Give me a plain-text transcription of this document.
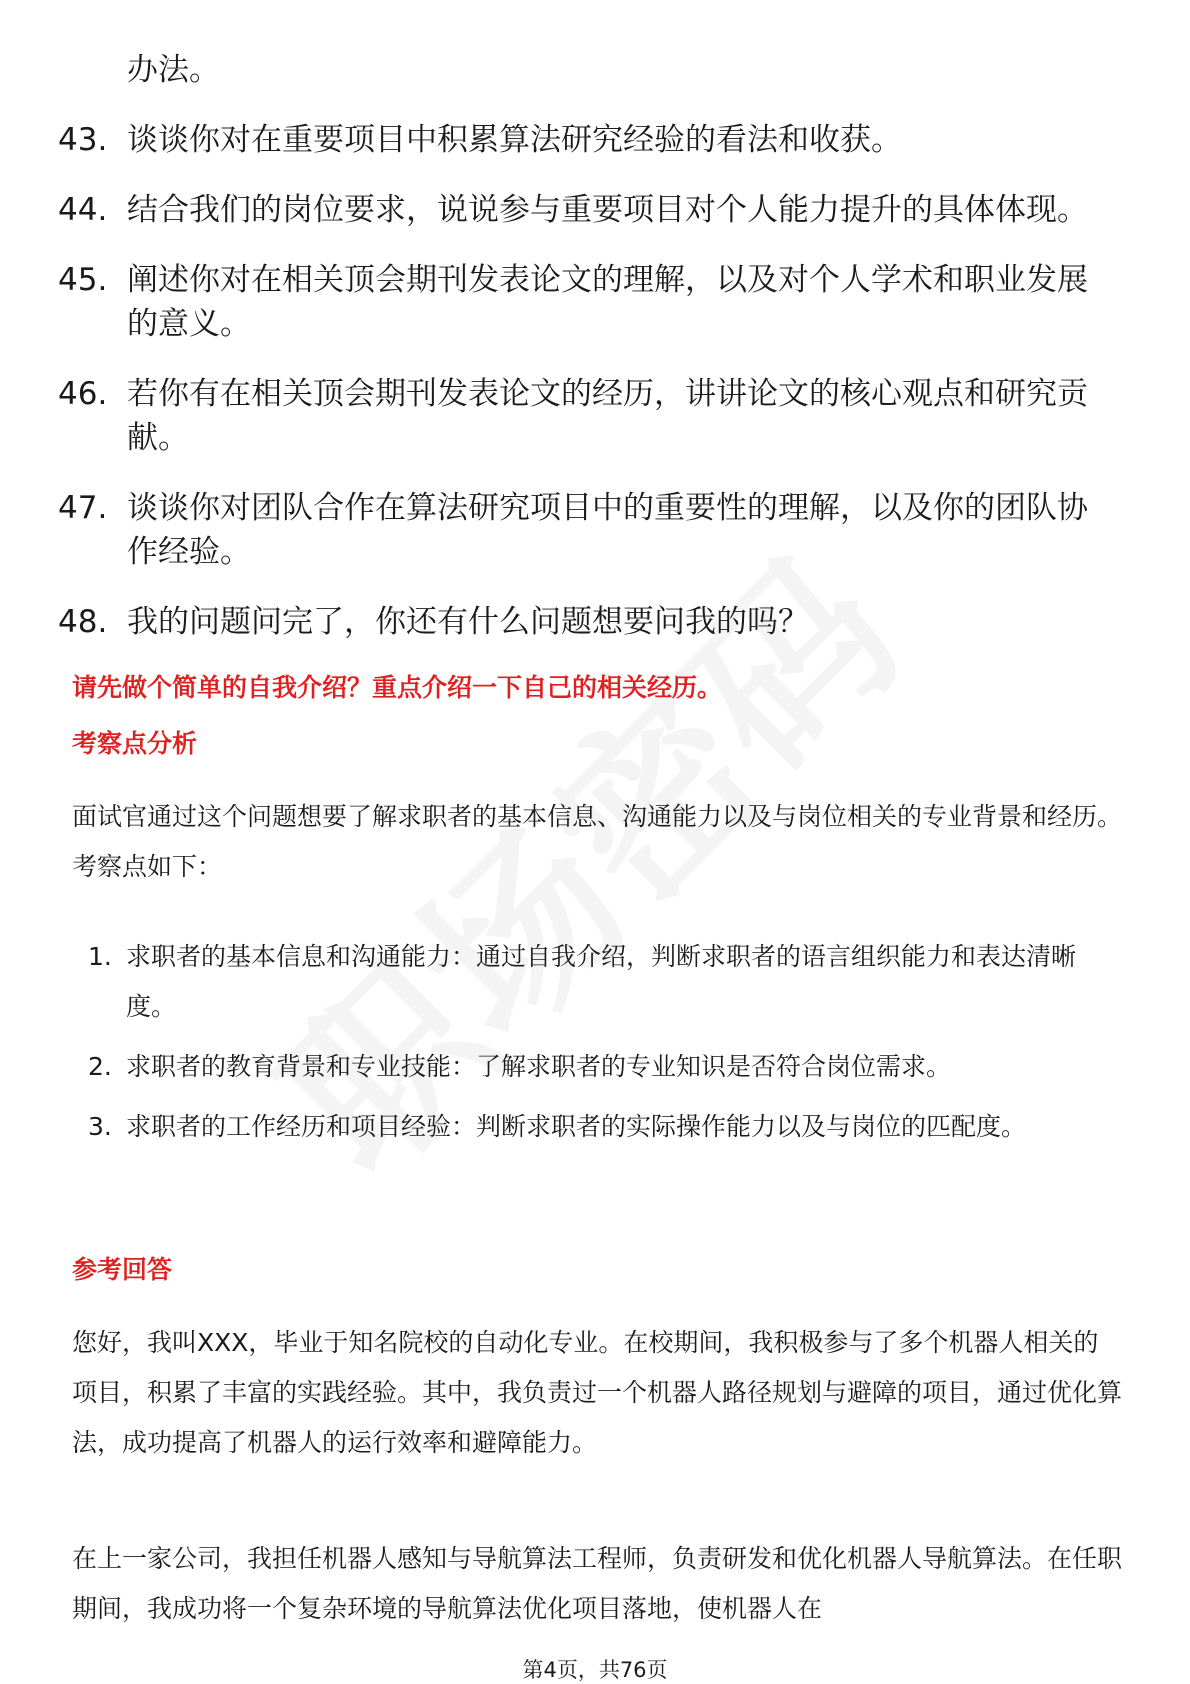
办法。
43. 谈谈你对在重要项目中积累算法研究经验的看法和收获。
44. 结合我们的岗位要求，说说参与重要项目对个人能力提升的具体体现。
45. 阐述你对在相关顶会期刊发表论文的理解，以及对个人学术和职业发展的意义。
46. 若你有在相关顶会期刊发表论文的经历，讲讲论文的核心观点和研究贡献。
47. 谈谈你对团队合作在算法研究项目中的重要性的理解，以及你的团队协作经验。
48. 我的问题问完了，你还有什么问题想要问我的吗？
请先做个简单的自我介绍？重点介绍一下自己的相关经历。
考察点分析
面试官通过这个问题想要了解求职者的基本信息、沟通能力以及与岗位相关的专业背景和经历。考察点如下：
1. 求职者的基本信息和沟通能力：通过自我介绍，判断求职者的语言组织能力和表达清晰度。
2. 求职者的教育背景和专业技能：了解求职者的专业知识是否符合岗位需求。
3. 求职者的工作经历和项目经验：判断求职者的实际操作能力以及与岗位的匹配度。
参考回答
您好，我叫XXX，毕业于知名院校的自动化专业。在校期间，我积极参与了多个机器人相关的项目，积累了丰富的实践经验。其中，我负责过一个机器人路径规划与避障的项目，通过优化算法，成功提高了机器人的运行效率和避障能力。
在上一家公司，我担任机器人感知与导航算法工程师，负责研发和优化机器人导航算法。在任职期间，我成功将一个复杂环境的导航算法优化项目落地，使机器人在
第4页，共76页
